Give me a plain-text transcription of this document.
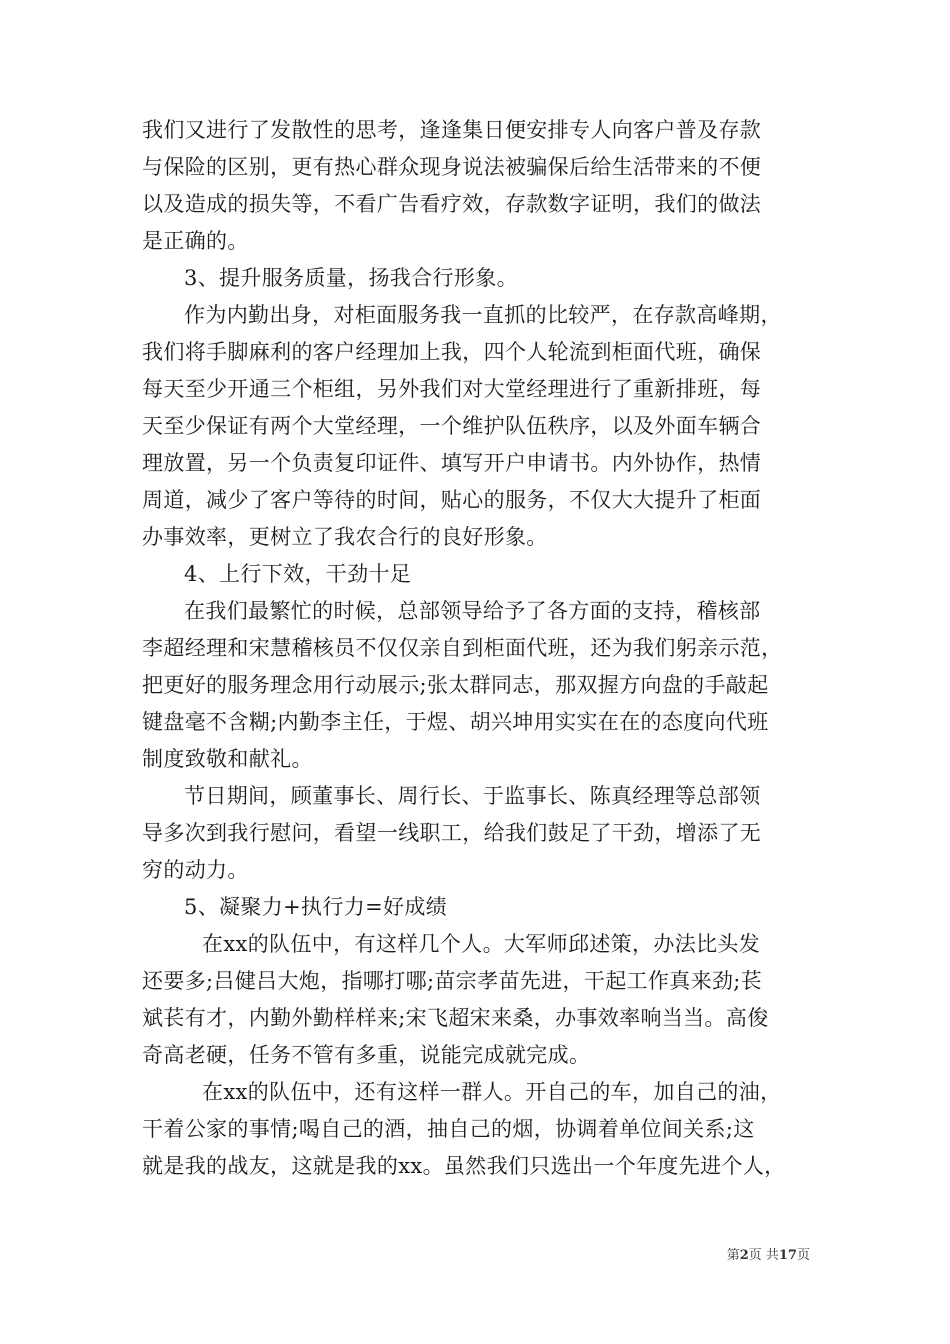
我们又进行了发散性的思考，逢逢集日便安排专人向客户普及存款
与保险的区别，更有热心群众现身说法被骗保后给生活带来的不便
以及造成的损失等，不看广告看疗效，存款数字证明，我们的做法
是正确的。
3、提升服务质量，扬我合行形象。
作为内勤出身，对柜面服务我一直抓的比较严，在存款高峰期，
我们将手脚麻利的客户经理加上我，四个人轮流到柜面代班，确保
每天至少开通三个柜组，另外我们对大堂经理进行了重新排班，每
天至少保证有两个大堂经理，一个维护队伍秩序，以及外面车辆合
理放置，另一个负责复印证件、填写开户申请书。内外协作，热情
周道，减少了客户等待的时间，贴心的服务，不仅大大提升了柜面
办事效率，更树立了我农合行的良好形象。
4、上行下效，干劲十足
在我们最繁忙的时候，总部领导给予了各方面的支持，稽核部
李超经理和宋慧稽核员不仅仅亲自到柜面代班，还为我们躬亲示范，
把更好的服务理念用行动展示;张太群同志，那双握方向盘的手敲起
键盘毫不含糊;内勤李主任，于煜、胡兴坤用实实在在的态度向代班
制度致敬和献礼。
节日期间，顾董事长、周行长、于监事长、陈真经理等总部领
导多次到我行慰问，看望一线职工，给我们鼓足了干劲，增添了无
穷的动力。
5、凝聚力+执行力=好成绩
在xx的队伍中，有这样几个人。大军师邱述策，办法比头发
还要多;吕健吕大炮，指哪打哪;苗宗孝苗先进，干起工作真来劲;苌
斌苌有才，内勤外勤样样来;宋飞超宋来桑，办事效率响当当。高俊
奇高老硬，任务不管有多重，说能完成就完成。
在xx的队伍中，还有这样一群人。开自己的车，加自己的油，
干着公家的事情;喝自己的酒，抽自己的烟，协调着单位间关系;这
就是我的战友，这就是我的xx。虽然我们只选出一个年度先进个人，
第2页 共17页
